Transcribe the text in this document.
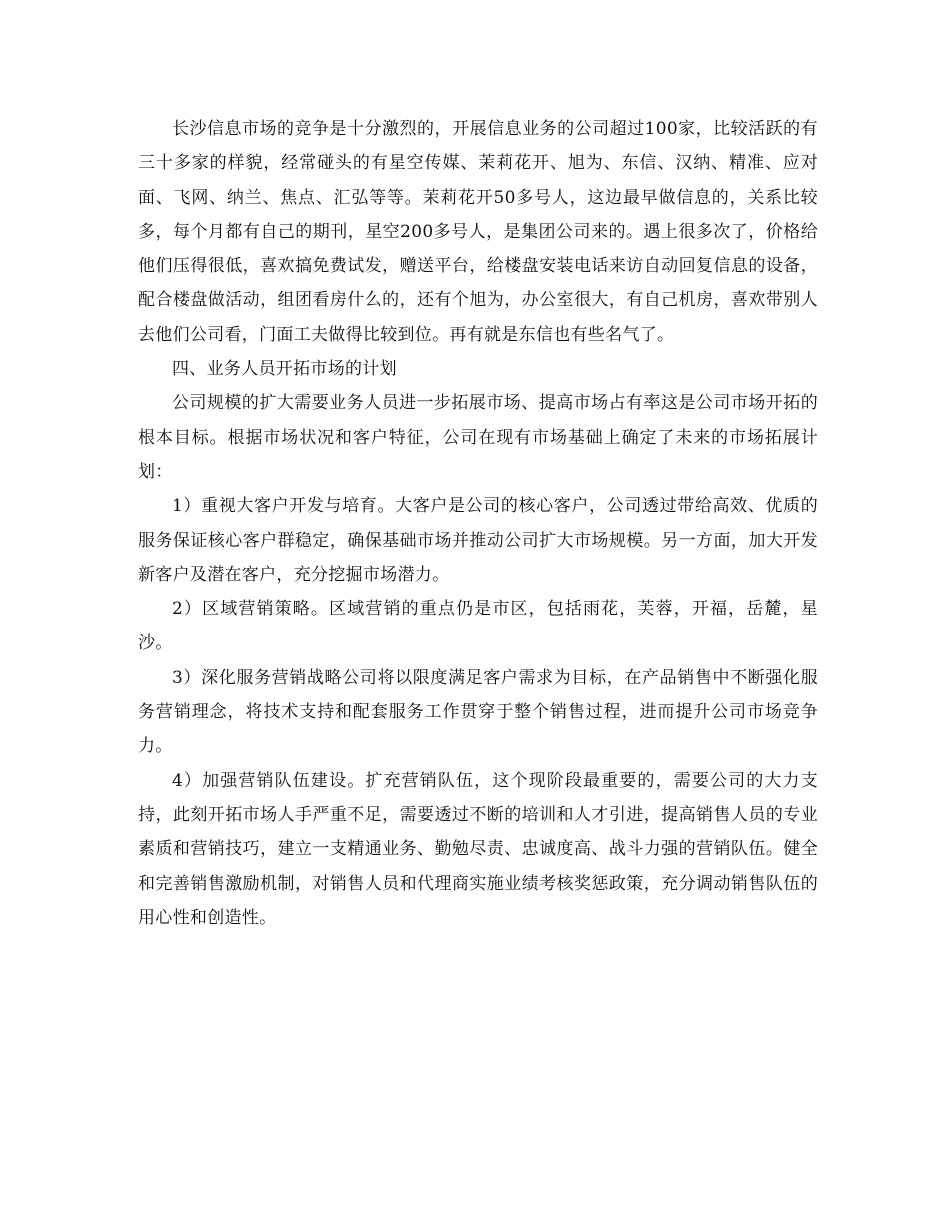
长沙信息市场的竞争是十分激烈的，开展信息业务的公司超过100家，比较活跃的有三十多家的样貌，经常碰头的有星空传媒、茉莉花开、旭为、东信、汉纳、精准、应对面、飞网、纳兰、焦点、汇弘等等。茉莉花开50多号人，这边最早做信息的，关系比较多，每个月都有自己的期刊，星空200多号人，是集团公司来的。遇上很多次了，价格给他们压得很低，喜欢搞免费试发，赠送平台，给楼盘安装电话来访自动回复信息的设备，配合楼盘做活动，组团看房什么的，还有个旭为，办公室很大，有自己机房，喜欢带别人去他们公司看，门面工夫做得比较到位。再有就是东信也有些名气了。

四、业务人员开拓市场的计划

公司规模的扩大需要业务人员进一步拓展市场、提高市场占有率这是公司市场开拓的根本目标。根据市场状况和客户特征，公司在现有市场基础上确定了未来的市场拓展计划：

1）重视大客户开发与培育。大客户是公司的核心客户，公司透过带给高效、优质的服务保证核心客户群稳定，确保基础市场并推动公司扩大市场规模。另一方面，加大开发新客户及潜在客户，充分挖掘市场潜力。

2）区域营销策略。区域营销的重点仍是市区，包括雨花，芙蓉，开福，岳麓，星沙。

3）深化服务营销战略公司将以限度满足客户需求为目标，在产品销售中不断强化服务营销理念，将技术支持和配套服务工作贯穿于整个销售过程，进而提升公司市场竞争力。

4）加强营销队伍建设。扩充营销队伍，这个现阶段最重要的，需要公司的大力支持，此刻开拓市场人手严重不足，需要透过不断的培训和人才引进，提高销售人员的专业素质和营销技巧，建立一支精通业务、勤勉尽责、忠诚度高、战斗力强的营销队伍。健全和完善销售激励机制，对销售人员和代理商实施业绩考核奖惩政策，充分调动销售队伍的用心性和创造性。
